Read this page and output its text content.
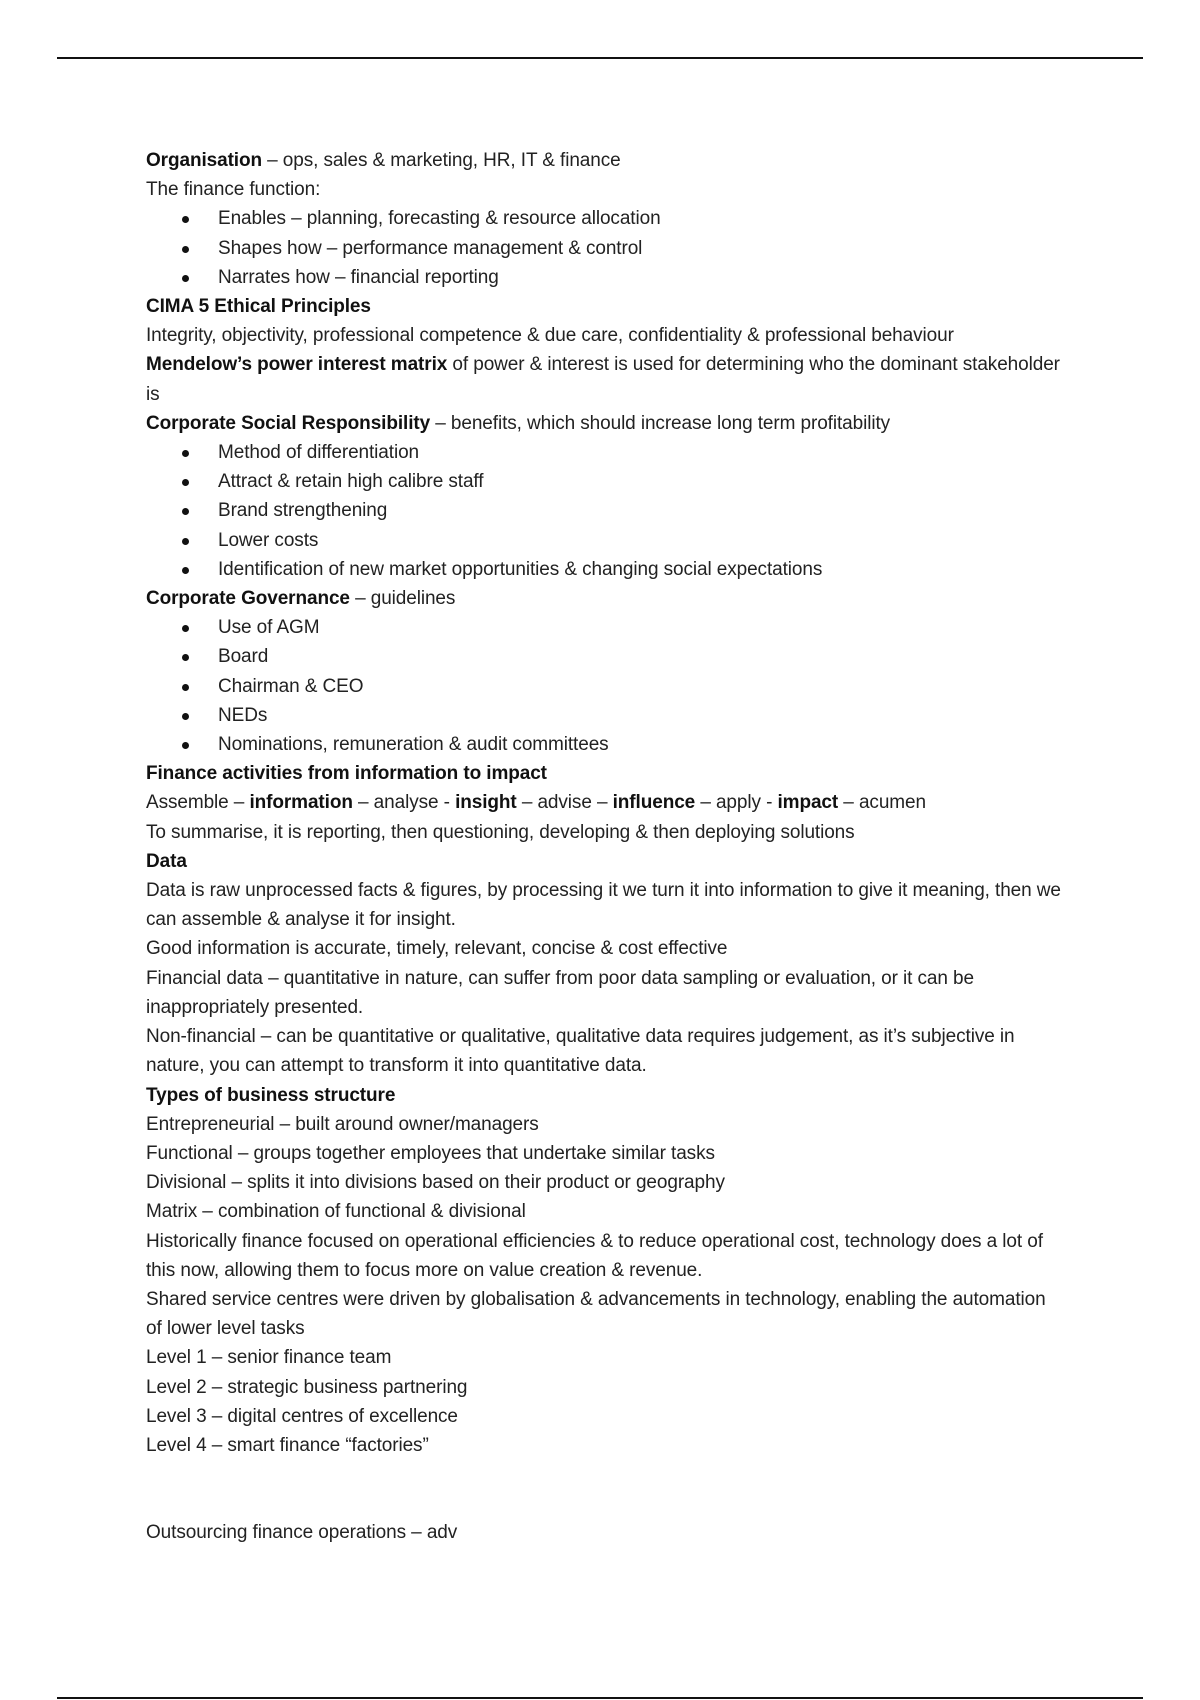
Organisation – ops, sales & marketing, HR, IT & finance
The finance function:
Enables – planning, forecasting & resource allocation
Shapes how – performance management & control
Narrates how – financial reporting
CIMA 5 Ethical Principles
Integrity, objectivity, professional competence & due care, confidentiality & professional behaviour
Mendelow’s power interest matrix of power & interest is used for determining who the dominant stakeholder is
Corporate Social Responsibility – benefits, which should increase long term profitability
Method of differentiation
Attract & retain high calibre staff
Brand strengthening
Lower costs
Identification of new market opportunities & changing social expectations
Corporate Governance – guidelines
Use of AGM
Board
Chairman & CEO
NEDs
Nominations, remuneration & audit committees
Finance activities from information to impact
Assemble – information – analyse - insight – advise – influence – apply - impact – acumen
To summarise, it is reporting, then questioning, developing & then deploying solutions
Data
Data is raw unprocessed facts & figures, by processing it we turn it into information to give it meaning, then we can assemble & analyse it for insight.
Good information is accurate, timely, relevant, concise & cost effective
Financial data – quantitative in nature, can suffer from poor data sampling or evaluation, or it can be inappropriately presented.
Non-financial – can be quantitative or qualitative, qualitative data requires judgement, as it’s subjective in nature, you can attempt to transform it into quantitative data.
Types of business structure
Entrepreneurial – built around owner/managers
Functional – groups together employees that undertake similar tasks
Divisional – splits it into divisions based on their product or geography
Matrix – combination of functional & divisional
Historically finance focused on operational efficiencies & to reduce operational cost, technology does a lot of this now, allowing them to focus more on value creation & revenue.
Shared service centres were driven by globalisation & advancements in technology, enabling the automation of lower level tasks
Level 1 – senior finance team
Level 2 – strategic business partnering
Level 3 – digital centres of excellence
Level 4 – smart finance “factories”
Outsourcing finance operations – adv
